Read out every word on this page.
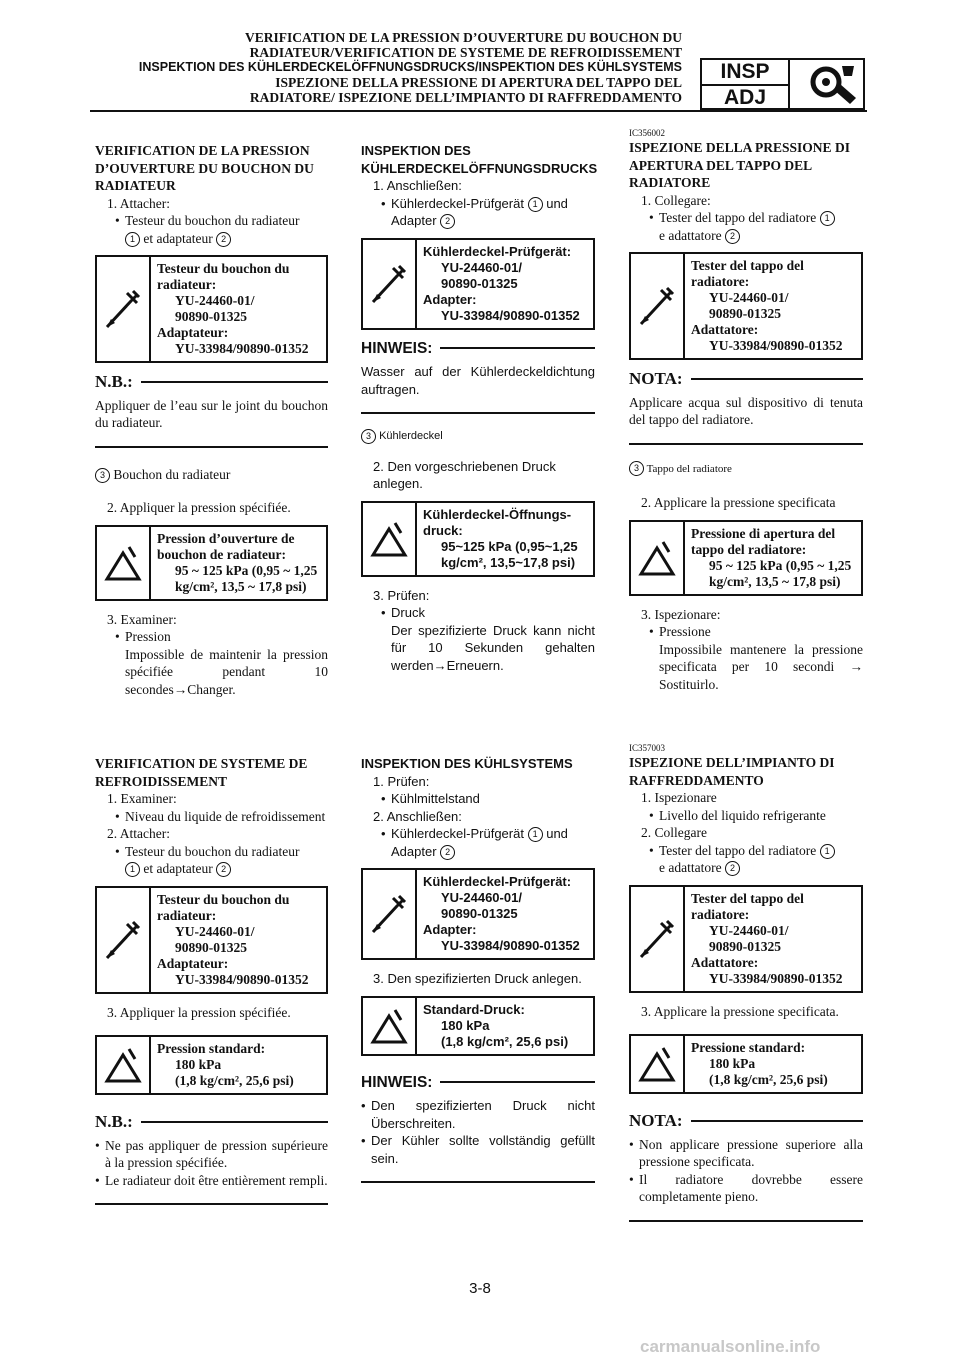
VERIFICATION DE LA PRESSION D’OUVERTURE DU BOUCHON DU
RADIATEUR/VERIFICATION DE SYSTEME DE REFROIDISSEMENT
INSPEKTION DES KÜHLERDECKELÖFFNUNGSDRUCKS/INSPEKTION DES KÜHLSYSTEMS
ISPEZIONE DELLA PRESSIONE DI APERTURA DEL TAPPO DEL
RADIATORE/ ISPEZIONE DELL’IMPIANTO DI RAFFREDDAMENTO
INSP
ADJ

VERIFICATION DE LA PRESSION D’OUVERTURE DU BOUCHON DU RADIATEUR

1. Attacher:

• Testeur du bouchon du radiateur

1 et adaptateur 2

Testeur du bouchon du
radiateur:
YU-24460-01/
90890-01325
Adaptateur:
YU-33984/90890-01352
N.B.:

Appliquer de l’eau sur le joint du bouchon du radiateur.

3 Bouchon du radiateur

2. Appliquer la pression spécifiée.

Pression d’ouverture de
bouchon de radiateur:
95 ~ 125 kPa (0,95 ~ 1,25
kg/cm², 13,5 ~ 17,8 psi)

3. Examiner:

• Pression

Impossible de maintenir la pression spécifiée pendant 10 secondes→Changer.

INSPEKTION DES KÜHLERDECKELÖFFNUNGSDRUCKS

1. Anschließen:

• Kühlerdeckel-Prüfgerät 1 und Adapter 2

Kühlerdeckel-Prüfgerät:
YU-24460-01/
90890-01325
Adapter:
YU-33984/90890-01352
HINWEIS:

Wasser auf der Kühlerdeckeldichtung auftragen.

3 Kühlerdeckel

2. Den vorgeschriebenen Druck anlegen.

Kühlerdeckel-Öffnungs-
druck:
95~125 kPa (0,95~1,25
kg/cm², 13,5~17,8 psi)

3. Prüfen:

• Druck

Der spezifizierte Druck kann nicht für 10 Sekunden gehalten werden→Erneuern.

IC356002

ISPEZIONE DELLA PRESSIONE DI APERTURA DEL TAPPO DEL RADIATORE

1. Collegare:

• Tester del tappo del radiatore 1

e adattatore 2

Tester del tappo del
radiatore:
YU-24460-01/
90890-01325
Adattatore:
YU-33984/90890-01352
NOTA:

Applicare acqua sul dispositivo di tenuta del tappo del radiatore.

3 Tappo del radiatore

2. Applicare la pressione specificata

Pressione di apertura del
tappo del radiatore:
95 ~ 125 kPa (0,95 ~ 1,25
kg/cm², 13,5 ~ 17,8 psi)

3. Ispezionare:

• Pressione

Impossibile mantenere la pressione specificata per 10 secondi → Sostituirlo.

VERIFICATION DE SYSTEME DE REFROIDISSEMENT

1. Examiner:

• Niveau du liquide de refroidissement

2. Attacher:

• Testeur du bouchon du radiateur

1 et adaptateur 2

Testeur du bouchon du
radiateur:
YU-24460-01/
90890-01325
Adaptateur:
YU-33984/90890-01352

3. Appliquer la pression spécifiée.

Pression standard:
180 kPa
(1,8 kg/cm², 25,6 psi)
N.B.:

• Ne pas appliquer de pression supérieure à la pression spécifiée.

• Le radiateur doit être entièrement rempli.

INSPEKTION DES KÜHLSYSTEMS

1. Prüfen:

• Kühlmittelstand

2. Anschließen:

• Kühlerdeckel-Prüfgerät 1 und Adapter 2

Kühlerdeckel-Prüfgerät:
YU-24460-01/
90890-01325
Adapter:
YU-33984/90890-01352

3. Den spezifizierten Druck anlegen.

Standard-Druck:
180 kPa
(1,8 kg/cm², 25,6 psi)
HINWEIS:

• Den spezifizierten Druck nicht Überschreiten.

• Der Kühler sollte vollständig gefüllt sein.

IC357003

ISPEZIONE DELL’IMPIANTO DI RAFFREDDAMENTO

1. Ispezionare

• Livello del liquido refrigerante

2. Collegare

• Tester del tappo del radiatore 1

e adattatore 2

Tester del tappo del
radiatore:
YU-24460-01/
90890-01325
Adattatore:
YU-33984/90890-01352

3. Applicare la pressione specificata.

Pressione standard:
180 kPa
(1,8 kg/cm², 25,6 psi)
NOTA:

• Non applicare pressione superiore alla pressione specificata.

• Il radiatore dovrebbe essere completamente pieno.

3-8
carmanualsonline.info
